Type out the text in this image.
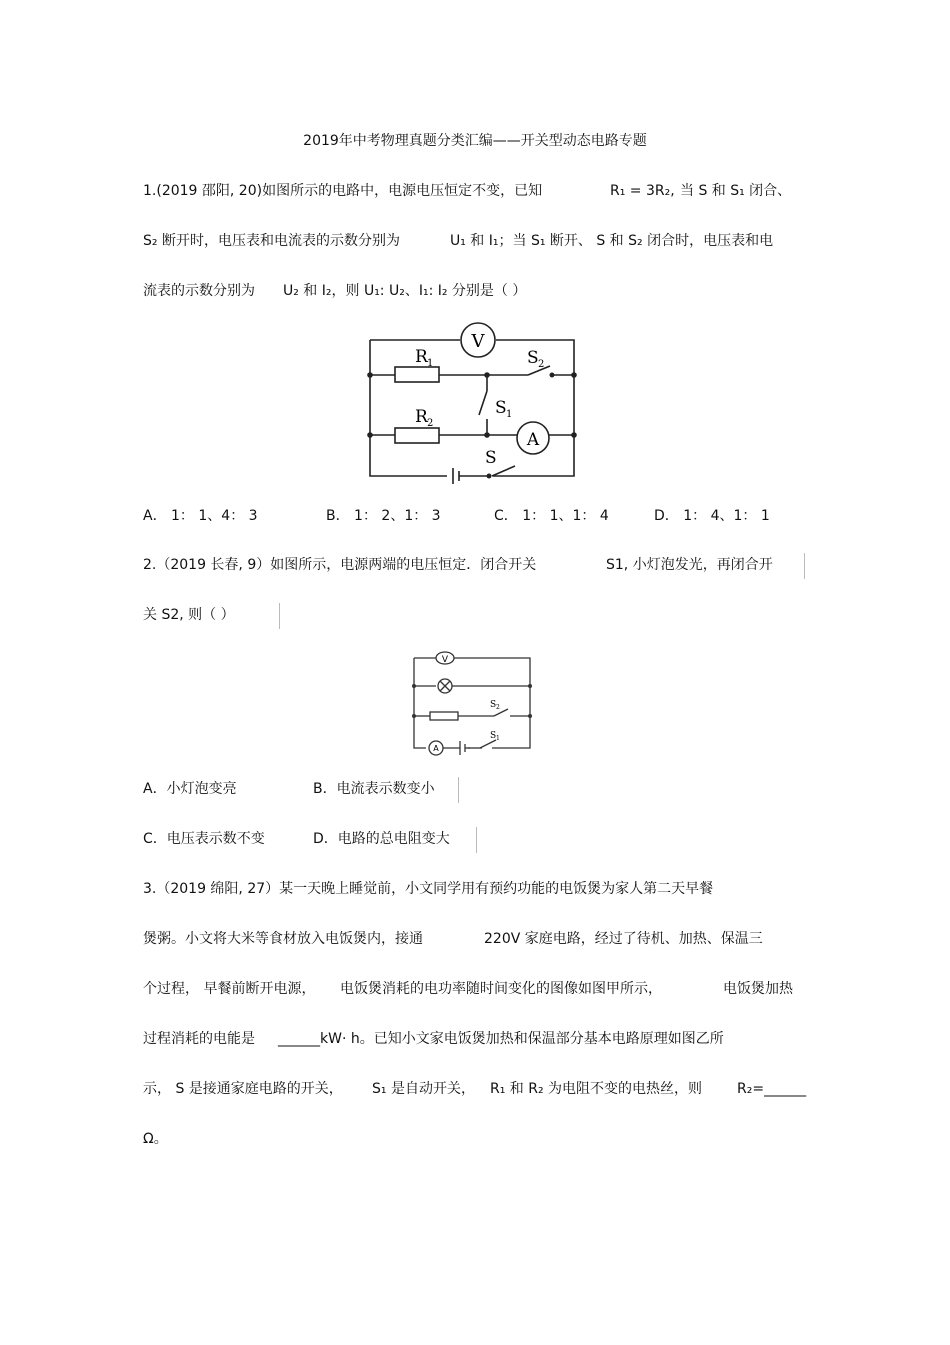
2019年中考物理真题分类汇编——开关型动态电路专题
1.(2019 邵阳, 20)如图所示的电路中，电源电压恒定不变，已知	R₁ = 3R₂, 当 S 和 S₁ 闭合、
S₂ 断开时，电压表和电流表的示数分别为	U₁ 和 I₁；当 S₁ 断开、 S 和 S₂ 闭合时，电压表和电
流表的示数分别为 U₂ 和 I₂，则 U₁: U₂、I₁: I₂ 分别是（ ）
V
R 1	S 2
S 1
A
R 2
S
A． 1： 1、4： 3	B． 1： 2、1： 3	C． 1： 1、1： 4	D． 1： 4、1： 1
2.（2019 长春, 9）如图所示，电源两端的电压恒定．闭合开关	S1, 小灯泡发光，再闭合开
关 S2, 则（ ）
V
S 2
A
S 1
A．小灯泡变亮	B．电流表示数变小
C．电压表示数不变	D．电路的总电阻变大
3.（2019 绵阳, 27）某一天晚上睡觉前，小文同学用有预约功能的电饭煲为家人第二天早餐
煲粥。小文将大米等食材放入电饭煲内，接通	220V 家庭电路，经过了待机、加热、保温三
个过程， 早餐前断开电源， 电饭煲消耗的电功率随时间变化的图像如图甲所示，	电饭煲加热
过程消耗的电能是 ______kW· h。已知小文家电饭煲加热和保温部分基本电路原理如图乙所
示， S 是接通家庭电路的开关， S₁ 是自动开关， R₁ 和 R₂ 为电阻不变的电热丝，则 R₂=______
Ω。
